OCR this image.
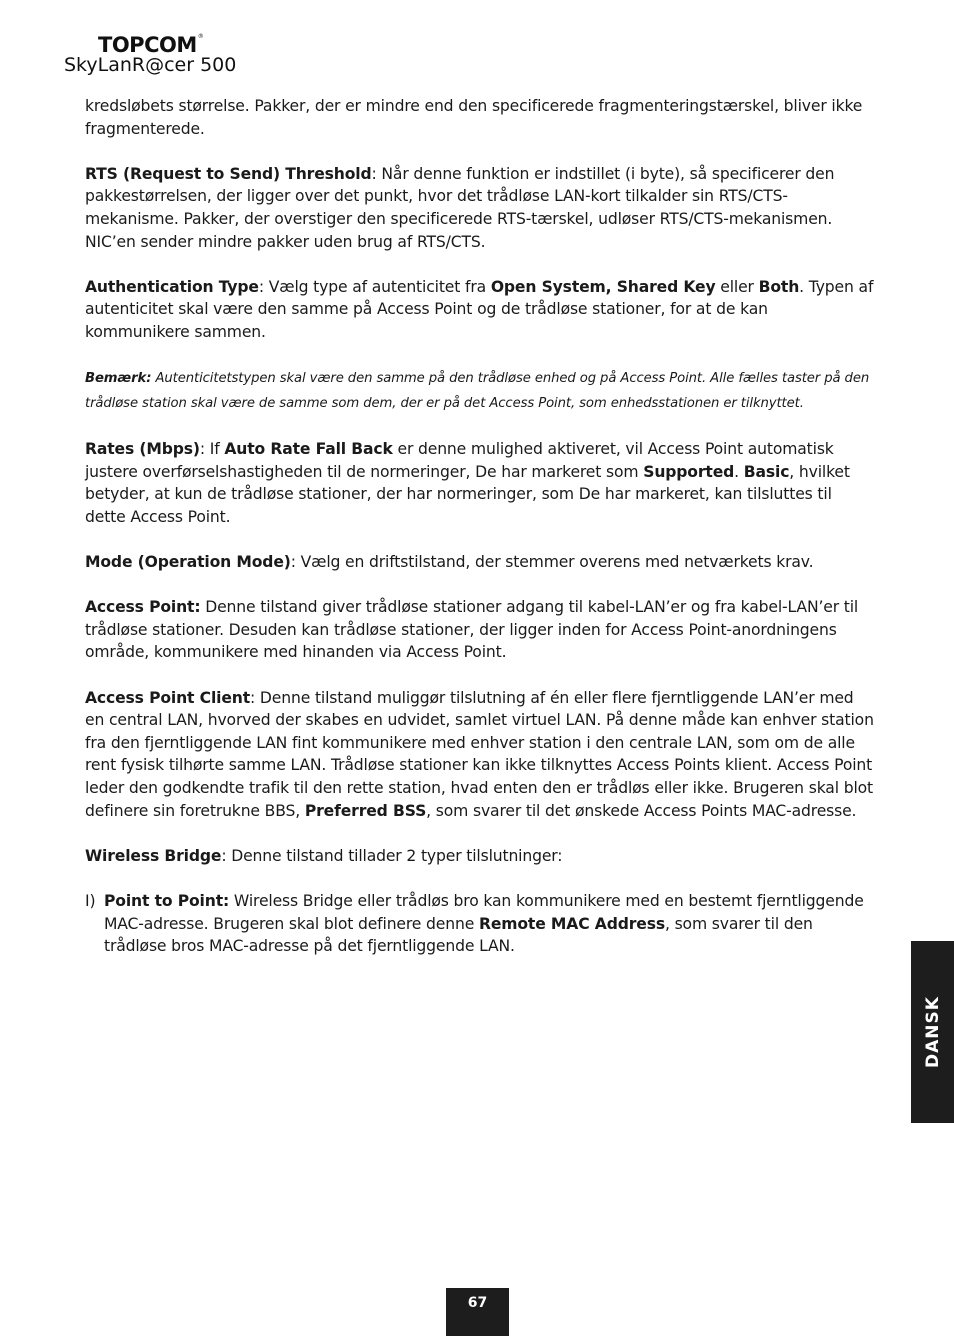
TOPCOM®
SkyLanR@cer 500

kredsløbets størrelse. Pakker, der er mindre end den specificerede fragmenteringstærskel, bliver ikke fragmenterede.

RTS (Request to Send) Threshold: Når denne funktion er indstillet (i byte), så specificerer den pakkestørrelsen, der ligger over det punkt, hvor det trådløse LAN-kort tilkalder sin RTS/CTS-mekanisme. Pakker, der overstiger den specificerede RTS-tærskel, udløser RTS/CTS-mekanismen. NIC’en sender mindre pakker uden brug af RTS/CTS.

Authentication Type: Vælg type af autenticitet fra Open System, Shared Key eller Both. Typen af autenticitet skal være den samme på Access Point og de trådløse stationer, for at de kan kommunikere sammen.

Bemærk: Autenticitetstypen skal være den samme på den trådløse enhed og på Access Point. Alle fælles taster på den trådløse station skal være de samme som dem, der er på det Access Point, som enhedsstationen er tilknyttet.

Rates (Mbps): If Auto Rate Fall Back er denne mulighed aktiveret, vil Access Point automatisk justere overførselshastigheden til de normeringer, De har markeret som Supported. Basic, hvilket betyder, at kun de trådløse stationer, der har normeringer, som De har markeret, kan tilsluttes til dette Access Point.

Mode (Operation Mode): Vælg en driftstilstand, der stemmer overens med netværkets krav.

Access Point: Denne tilstand giver trådløse stationer adgang til kabel-LAN’er og fra kabel-LAN’er til trådløse stationer. Desuden kan trådløse stationer, der ligger inden for Access Point-anordningens område, kommunikere med hinanden via Access Point.

Access Point Client: Denne tilstand muliggør tilslutning af én eller flere fjerntliggende LAN’er med en central LAN, hvorved der skabes en udvidet, samlet virtuel LAN. På denne måde kan enhver station fra den fjerntliggende LAN fint kommunikere med enhver station i den centrale LAN, som om de alle rent fysisk tilhørte samme LAN. Trådløse stationer kan ikke tilknyttes Access Points klient. Access Point leder den godkendte trafik til den rette station, hvad enten den er trådløs eller ikke. Brugeren skal blot definere sin foretrukne BBS, Preferred BSS, som svarer til det ønskede Access Points MAC-adresse.

Wireless Bridge: Denne tilstand tillader 2 typer tilslutninger:

I) Point to Point: Wireless Bridge eller trådløs bro kan kommunikere med en bestemt fjerntliggende MAC-adresse. Brugeren skal blot definere denne Remote MAC Address, som svarer til den trådløse bros MAC-adresse på det fjerntliggende LAN.
DANSK
67
